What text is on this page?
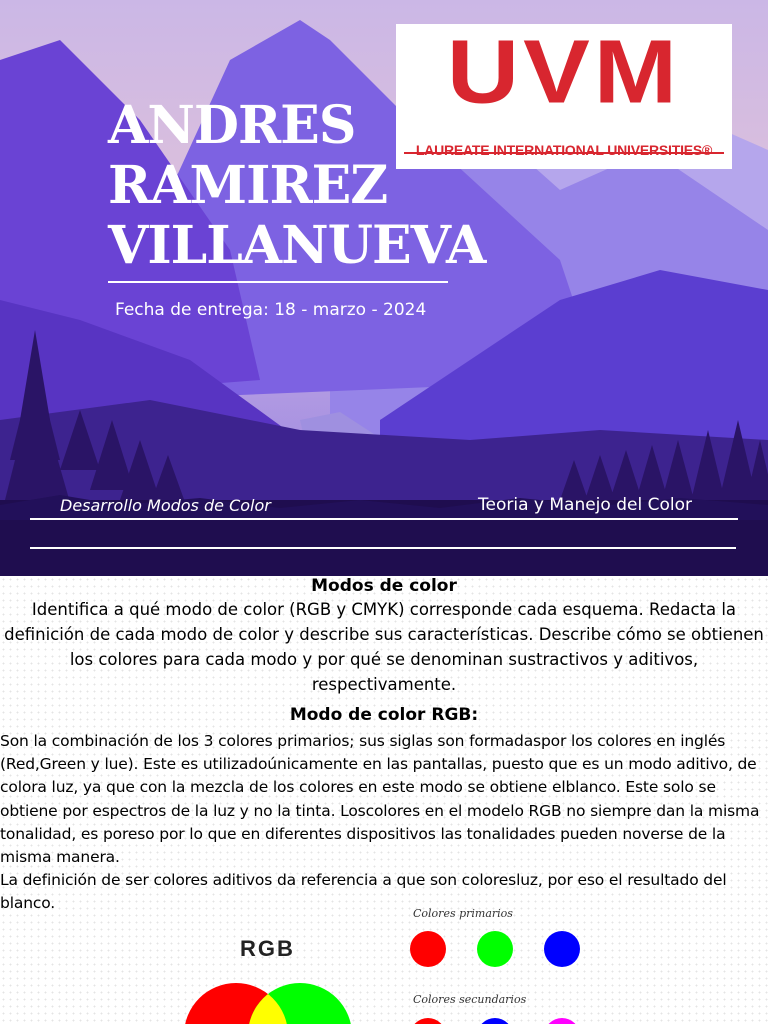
UVM
LAUREATE INTERNATIONAL UNIVERSITIES®
ANDRES
RAMIREZ
VILLANUEVA
Fecha de entrega: 18 - marzo - 2024
Desarrollo Modos de Color	Teoria y Manejo del Color
Modos de color
Identifica a qué modo de color (RGB y CMYK) corresponde cada esquema. Redacta la definición de cada modo de color y describe sus características. Describe cómo se obtienen los colores para cada modo y por qué se denominan sustractivos y aditivos, respectivamente.
Modo de color RGB:
Son la combinación de los 3 colores primarios; sus siglas son formadaspor los colores en inglés (Red,Green y lue). Este es utilizadoúnicamente en las pantallas, puesto que es un modo aditivo, de colora luz, ya que con la mezcla de los colores en este modo se obtiene elblanco. Este solo se obtiene por espectros de la luz y no la tinta. Loscolores en el modelo RGB no siempre dan la misma tonalidad, es poreso por lo que en diferentes dispositivos las tonalidades pueden noverse de la misma manera.
La definición de ser colores aditivos da referencia a que son coloresluz, por eso el resultado del blanco.
RGB
Colores primarios
Colores secundarios
